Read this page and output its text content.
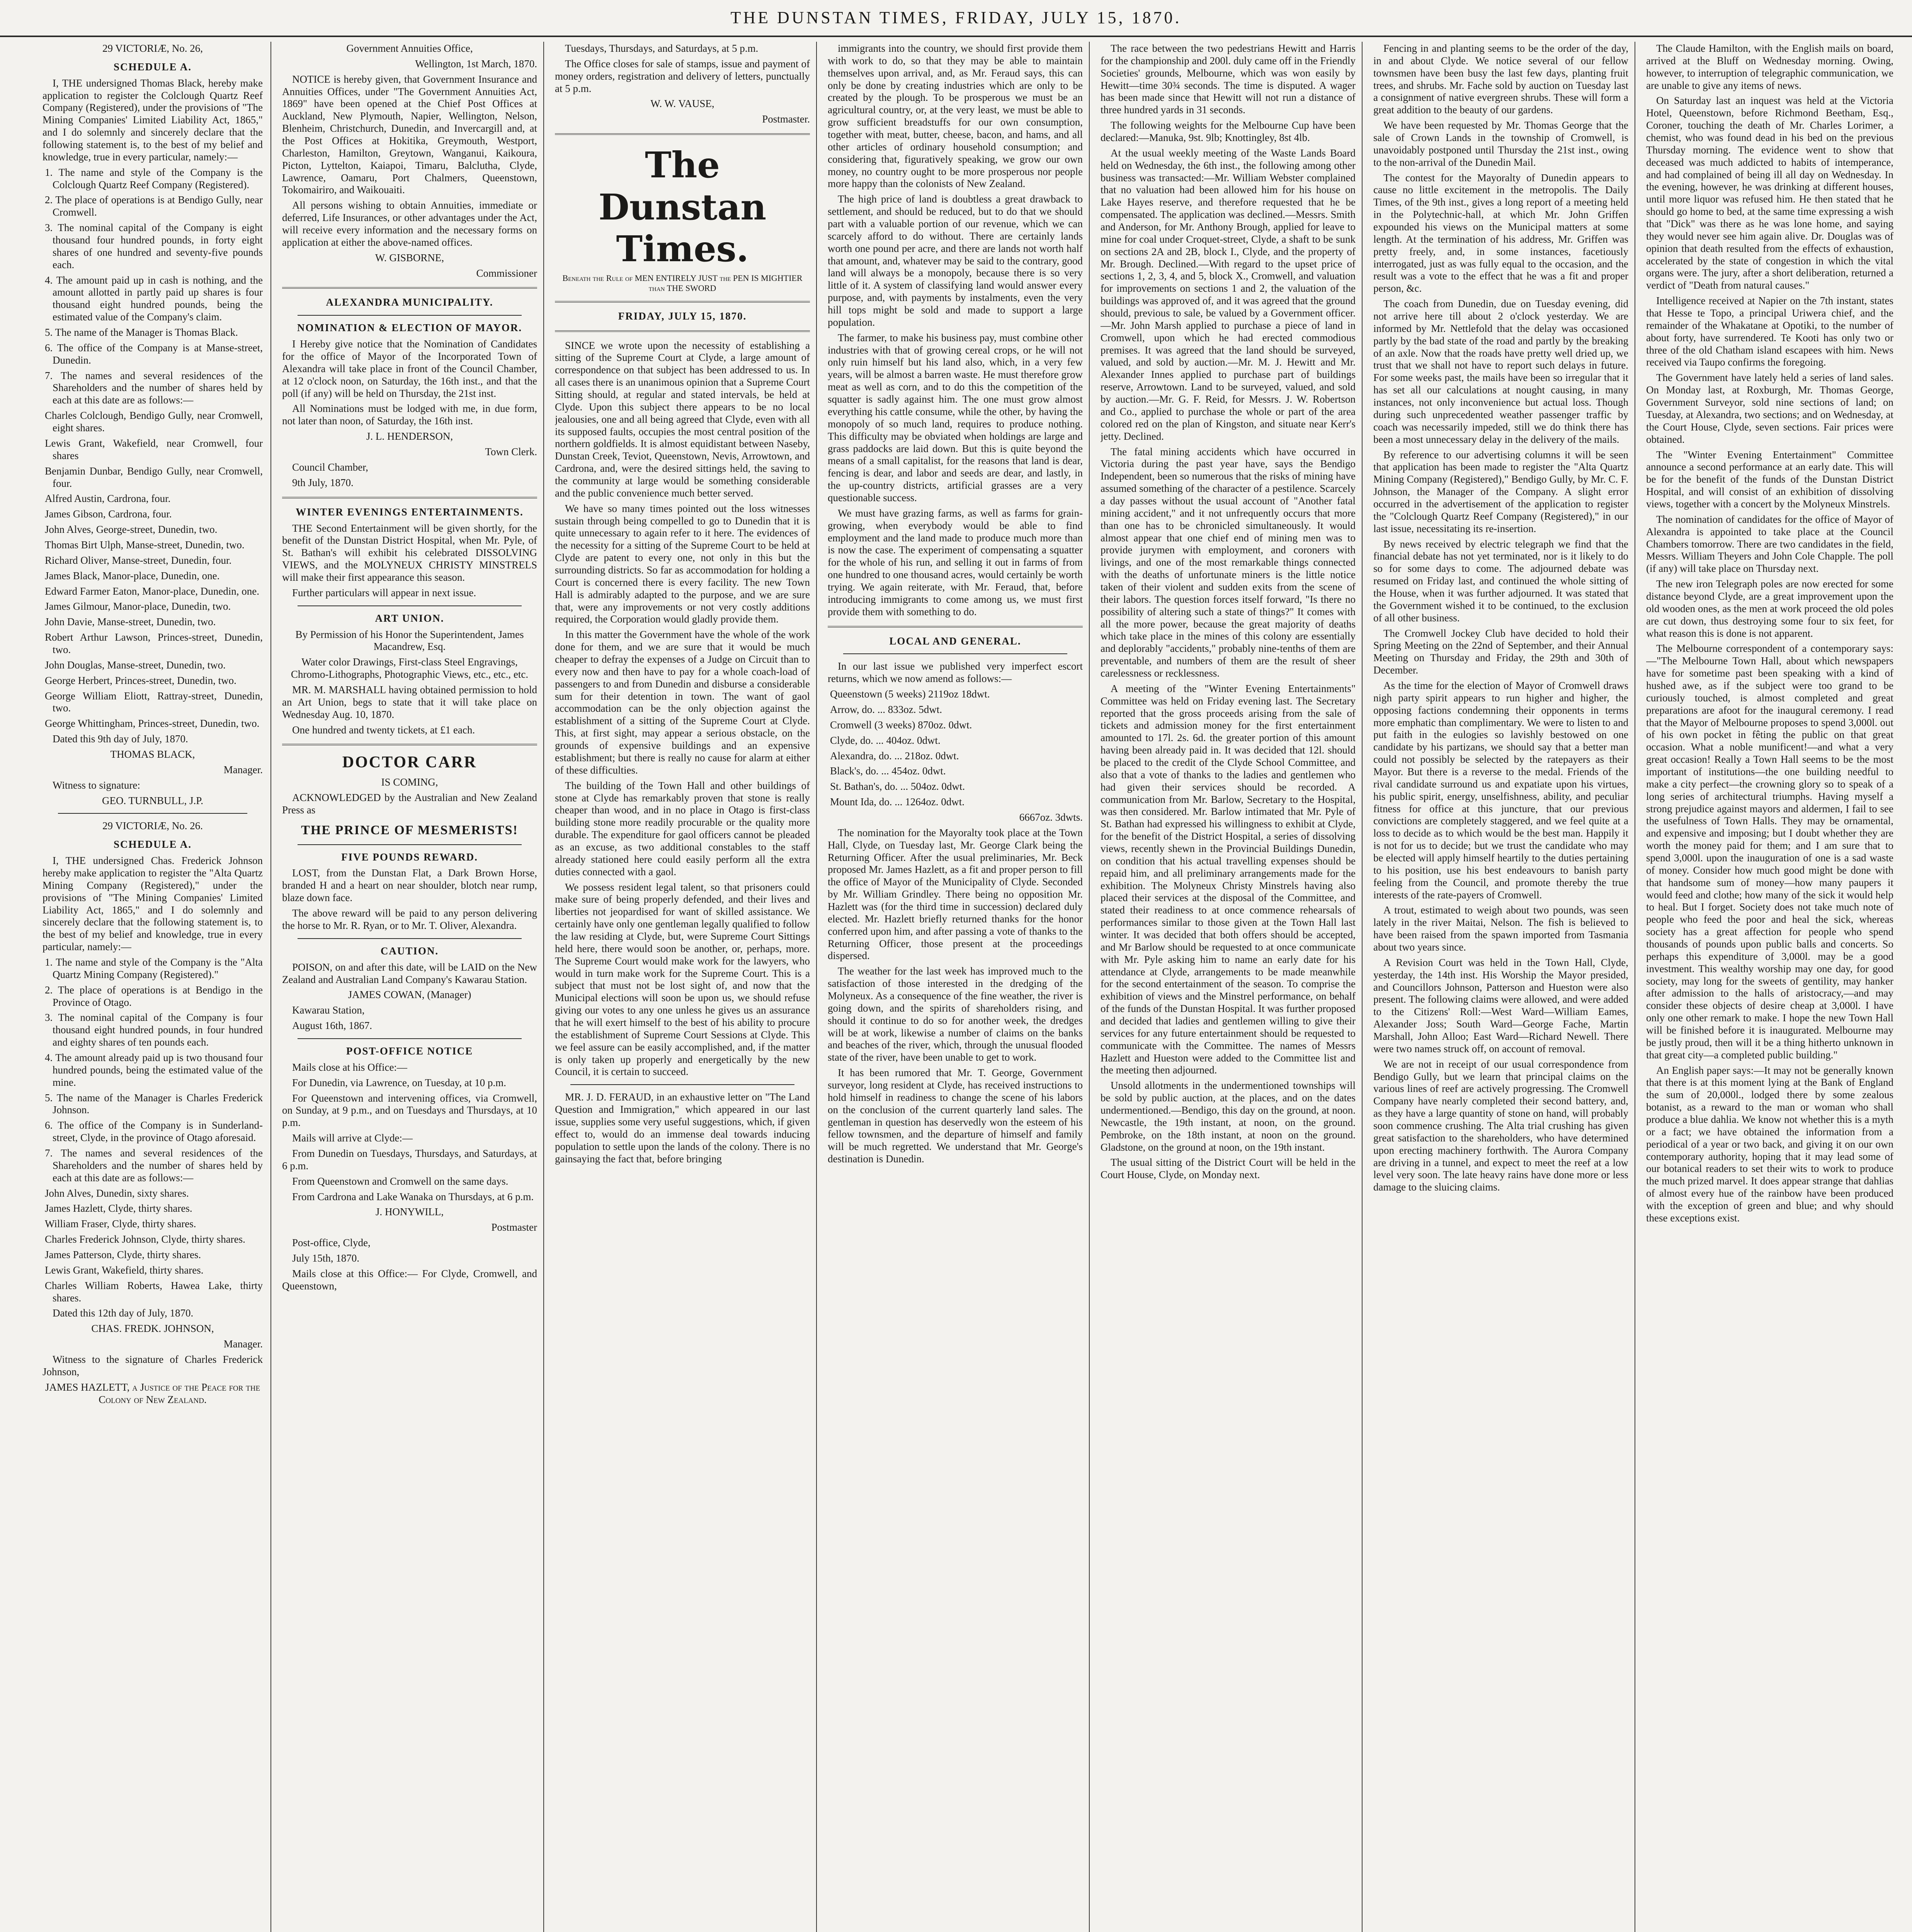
THE DUNSTAN TIMES, FRIDAY, JULY 15, 1870.

29 VICTORIÆ, No. 26,

SCHEDULE A.

I, THE undersigned Thomas Black, hereby make application to register the Colclough Quartz Reef Company (Registered), under the provisions of "The Mining Companies' Limited Liability Act, 1865," and I do solemnly and sincerely declare that the following statement is, to the best of my belief and knowledge, true in every particular, namely:—

1. The name and style of the Company is the Colclough Quartz Reef Company (Registered).

2. The place of operations is at Bendigo Gully, near Cromwell.

3. The nominal capital of the Company is eight thousand four hundred pounds, in forty eight shares of one hundred and seventy-five pounds each.

4. The amount paid up in cash is nothing, and the amount allotted in partly paid up shares is four thousand eight hundred pounds, being the estimated value of the Company's claim.

5. The name of the Manager is Thomas Black.

6. The office of the Company is at Manse-street, Dunedin.

7. The names and several residences of the Shareholders and the number of shares held by each at this date are as follows:—

Charles Colclough, Bendigo Gully, near Cromwell, eight shares.

Lewis Grant, Wakefield, near Cromwell, four shares

Benjamin Dunbar, Bendigo Gully, near Cromwell, four.

Alfred Austin, Cardrona, four.

James Gibson, Cardrona, four.

John Alves, George-street, Dunedin, two.

Thomas Birt Ulph, Manse-street, Dunedin, two.

Richard Oliver, Manse-street, Dunedin, four.

James Black, Manor-place, Dunedin, one.

Edward Farmer Eaton, Manor-place, Dunedin, one.

James Gilmour, Manor-place, Dunedin, two.

John Davie, Manse-street, Dunedin, two.

Robert Arthur Lawson, Princes-street, Dunedin, two.

John Douglas, Manse-street, Dunedin, two.

George Herbert, Princes-street, Dunedin, two.

George William Eliott, Rattray-street, Dunedin, two.

George Whittingham, Princes-street, Dunedin, two.

Dated this 9th day of July, 1870.

THOMAS BLACK,

Manager.

Witness to signature:

GEO. TURNBULL, J.P.

29 VICTORIÆ, No. 26.

SCHEDULE A.

I, THE undersigned Chas. Frederick Johnson hereby make application to register the "Alta Quartz Mining Company (Registered)," under the provisions of "The Mining Companies' Limited Liability Act, 1865," and I do solemnly and sincerely declare that the following statement is, to the best of my belief and knowledge, true in every particular, namely:—

1. The name and style of the Company is the "Alta Quartz Mining Company (Registered)."

2. The place of operations is at Bendigo in the Province of Otago.

3. The nominal capital of the Company is four thousand eight hundred pounds, in four hundred and eighty shares of ten pounds each.

4. The amount already paid up is two thousand four hundred pounds, being the estimated value of the mine.

5. The name of the Manager is Charles Frederick Johnson.

6. The office of the Company is in Sunderland-street, Clyde, in the province of Otago aforesaid.

7. The names and several residences of the Shareholders and the number of shares held by each at this date are as follows:—

John Alves, Dunedin, sixty shares.

James Hazlett, Clyde, thirty shares.

William Fraser, Clyde, thirty shares.

Charles Frederick Johnson, Clyde, thirty shares.

James Patterson, Clyde, thirty shares.

Lewis Grant, Wakefield, thirty shares.

Charles William Roberts, Hawea Lake, thirty shares.

Dated this 12th day of July, 1870.

CHAS. FREDK. JOHNSON,

Manager.

Witness to the signature of Charles Frederick Johnson,

JAMES HAZLETT, a Justice of the Peace for the Colony of New Zealand.

Government Annuities Office,

Wellington, 1st March, 1870.

NOTICE is hereby given, that Government Insurance and Annuities Offices, under "The Government Annuities Act, 1869" have been opened at the Chief Post Offices at Auckland, New Plymouth, Napier, Wellington, Nelson, Blenheim, Christchurch, Dunedin, and Invercargill and, at the Post Offices at Hokitika, Greymouth, Westport, Charleston, Hamilton, Greytown, Wanganui, Kaikoura, Picton, Lyttelton, Kaiapoi, Timaru, Balclutha, Clyde, Lawrence, Oamaru, Port Chalmers, Queenstown, Tokomairiro, and Waikouaiti.

All persons wishing to obtain Annuities, immediate or deferred, Life Insurances, or other advantages under the Act, will receive every information and the necessary forms on application at either the above-named offices.

W. GISBORNE,

Commissioner

ALEXANDRA MUNICIPALITY.

NOMINATION & ELECTION OF MAYOR.

I Hereby give notice that the Nomination of Candidates for the office of Mayor of the Incorporated Town of Alexandra will take place in front of the Council Chamber, at 12 o'clock noon, on Saturday, the 16th inst., and that the poll (if any) will be held on Thursday, the 21st inst.

All Nominations must be lodged with me, in due form, not later than noon, of Saturday, the 16th inst.

J. L. HENDERSON,

Town Clerk.

Council Chamber,

9th July, 1870.

WINTER EVENINGS ENTERTAINMENTS.

THE Second Entertainment will be given shortly, for the benefit of the Dunstan District Hospital, when Mr. Pyle, of St. Bathan's will exhibit his celebrated DISSOLVING VIEWS, and the MOLYNEUX CHRISTY MINSTRELS will make their first appearance this season.

Further particulars will appear in next issue.

ART UNION.

By Permission of his Honor the Superintendent, James Macandrew, Esq.

Water color Drawings, First-class Steel Engravings, Chromo-Lithographs, Photographic Views, etc., etc., etc.

MR. M. MARSHALL having obtained permission to hold an Art Union, begs to state that it will take place on Wednesday Aug. 10, 1870.

One hundred and twenty tickets, at £1 each.

DOCTOR CARR

IS COMING,

ACKNOWLEDGED by the Australian and New Zealand Press as

THE PRINCE OF MESMERISTS!

FIVE POUNDS REWARD.

LOST, from the Dunstan Flat, a Dark Brown Horse, branded H and a heart on near shoulder, blotch near rump, blaze down face.

The above reward will be paid to any person delivering the horse to Mr. R. Ryan, or to Mr. T. Oliver, Alexandra.

CAUTION.

POISON, on and after this date, will be LAID on the New Zealand and Australian Land Company's Kawarau Station.

JAMES COWAN, (Manager)

Kawarau Station,

August 16th, 1867.

POST-OFFICE NOTICE

Mails close at his Office:—

For Dunedin, via Lawrence, on Tuesday, at 10 p.m.

For Queenstown and intervening offices, via Cromwell, on Sunday, at 9 p.m., and on Tuesdays and Thursdays, at 10 p.m.

Mails will arrive at Clyde:—

From Dunedin on Tuesdays, Thursdays, and Saturdays, at 6 p.m.

From Queenstown and Cromwell on the same days.

From Cardrona and Lake Wanaka on Thursdays, at 6 p.m.

J. HONYWILL,

Postmaster

Post-office, Clyde,

July 15th, 1870.

Mails close at this Office:— For Clyde, Cromwell, and Queenstown,

Tuesdays, Thursdays, and Saturdays, at 5 p.m.

The Office closes for sale of stamps, issue and payment of money orders, registration and delivery of letters, punctually at 5 p.m.

W. W. VAUSE,

Postmaster.

The Dunstan Times.

Beneath the Rule of MEN ENTIRELY JUST the PEN IS MIGHTIER than THE SWORD

FRIDAY, JULY 15, 1870.

SINCE we wrote upon the necessity of establishing a sitting of the Supreme Court at Clyde, a large amount of correspondence on that subject has been addressed to us. In all cases there is an unanimous opinion that a Supreme Court Sitting should, at regular and stated intervals, be held at Clyde. Upon this subject there appears to be no local jealousies, one and all being agreed that Clyde, even with all its supposed faults, occupies the most central position of the northern goldfields. It is almost equidistant between Naseby, Dunstan Creek, Teviot, Queenstown, Nevis, Arrowtown, and Cardrona, and, were the desired sittings held, the saving to the community at large would be something considerable and the public convenience much better served.

We have so many times pointed out the loss witnesses sustain through being compelled to go to Dunedin that it is quite unnecessary to again refer to it here. The evidences of the necessity for a sitting of the Supreme Court to be held at Clyde are patent to every one, not only in this but the surrounding districts. So far as accommodation for holding a Court is concerned there is every facility. The new Town Hall is admirably adapted to the purpose, and we are sure that, were any improvements or not very costly additions required, the Corporation would gladly provide them.

In this matter the Government have the whole of the work done for them, and we are sure that it would be much cheaper to defray the expenses of a Judge on Circuit than to every now and then have to pay for a whole coach-load of passengers to and from Dunedin and disburse a considerable sum for their detention in town. The want of gaol accommodation can be the only objection against the establishment of a sitting of the Supreme Court at Clyde. This, at first sight, may appear a serious obstacle, on the grounds of expensive buildings and an expensive establishment; but there is really no cause for alarm at either of these difficulties.

The building of the Town Hall and other buildings of stone at Clyde has remarkably proven that stone is really cheaper than wood, and in no place in Otago is first-class building stone more readily procurable or the quality more durable. The expenditure for gaol officers cannot be pleaded as an excuse, as two additional constables to the staff already stationed here could easily perform all the extra duties connected with a gaol.

We possess resident legal talent, so that prisoners could make sure of being properly defended, and their lives and liberties not jeopardised for want of skilled assistance. We certainly have only one gentleman legally qualified to follow the law residing at Clyde, but, were Supreme Court Sittings held here, there would soon be another, or, perhaps, more. The Supreme Court would make work for the lawyers, who would in turn make work for the Supreme Court. This is a subject that must not be lost sight of, and now that the Municipal elections will soon be upon us, we should refuse giving our votes to any one unless he gives us an assurance that he will exert himself to the best of his ability to procure the establishment of Supreme Court Sessions at Clyde. This we feel assure can be easily accomplished, and, if the matter is only taken up properly and energetically by the new Council, it is certain to succeed.

MR. J. D. FERAUD, in an exhaustive letter on "The Land Question and Immigration," which appeared in our last issue, supplies some very useful suggestions, which, if given effect to, would do an immense deal towards inducing population to settle upon the lands of the colony. There is no gainsaying the fact that, before bringing

immigrants into the country, we should first provide them with work to do, so that they may be able to maintain themselves upon arrival, and, as Mr. Feraud says, this can only be done by creating industries which are only to be created by the plough. To be prosperous we must be an agricultural country, or, at the very least, we must be able to grow sufficient breadstuffs for our own consumption, together with meat, butter, cheese, bacon, and hams, and all other articles of ordinary household consumption; and considering that, figuratively speaking, we grow our own money, no country ought to be more prosperous nor people more happy than the colonists of New Zealand.

The high price of land is doubtless a great drawback to settlement, and should be reduced, but to do that we should part with a valuable portion of our revenue, which we can scarcely afford to do without. There are certainly lands worth one pound per acre, and there are lands not worth half that amount, and, whatever may be said to the contrary, good land will always be a monopoly, because there is so very little of it. A system of classifying land would answer every purpose, and, with payments by instalments, even the very hill tops might be sold and made to support a large population.

The farmer, to make his business pay, must combine other industries with that of growing cereal crops, or he will not only ruin himself but his land also, which, in a very few years, will be almost a barren waste. He must therefore grow meat as well as corn, and to do this the competition of the squatter is sadly against him. The one must grow almost everything his cattle consume, while the other, by having the monopoly of so much land, requires to produce nothing. This difficulty may be obviated when holdings are large and grass paddocks are laid down. But this is quite beyond the means of a small capitalist, for the reasons that land is dear, fencing is dear, and labor and seeds are dear, and lastly, in the up-country districts, artificial grasses are a very questionable success.

We must have grazing farms, as well as farms for grain-growing, when everybody would be able to find employment and the land made to produce much more than is now the case. The experiment of compensating a squatter for the whole of his run, and selling it out in farms of from one hundred to one thousand acres, would certainly be worth trying. We again reiterate, with Mr. Feraud, that, before introducing immigrants to come among us, we must first provide them with something to do.

LOCAL AND GENERAL.

In our last issue we published very imperfect escort returns, which we now amend as follows:—

Queenstown (5 weeks) 2119oz 18dwt.

Arrow, do. ... 833oz. 5dwt.

Cromwell (3 weeks) 870oz. 0dwt.

Clyde, do. ... 404oz. 0dwt.

Alexandra, do. ... 218oz. 0dwt.

Black's, do. ... 454oz. 0dwt.

St. Bathan's, do. ... 504oz. 0dwt.

Mount Ida, do. ... 1264oz. 0dwt.

6667oz. 3dwts.

The nomination for the Mayoralty took place at the Town Hall, Clyde, on Tuesday last, Mr. George Clark being the Returning Officer. After the usual preliminaries, Mr. Beck proposed Mr. James Hazlett, as a fit and proper person to fill the office of Mayor of the Municipality of Clyde. Seconded by Mr. William Grindley. There being no opposition Mr. Hazlett was (for the third time in succession) declared duly elected. Mr. Hazlett briefly returned thanks for the honor conferred upon him, and after passing a vote of thanks to the Returning Officer, those present at the proceedings dispersed.

The weather for the last week has improved much to the satisfaction of those interested in the dredging of the Molyneux. As a consequence of the fine weather, the river is going down, and the spirits of shareholders rising, and should it continue to do so for another week, the dredges will be at work, likewise a number of claims on the banks and beaches of the river, which, through the unusual flooded state of the river, have been unable to get to work.

It has been rumored that Mr. T. George, Government surveyor, long resident at Clyde, has received instructions to hold himself in readiness to change the scene of his labors on the conclusion of the current quarterly land sales. The gentleman in question has deservedly won the esteem of his fellow townsmen, and the departure of himself and family will be much regretted. We understand that Mr. George's destination is Dunedin.

The race between the two pedestrians Hewitt and Harris for the championship and 200l. duly came off in the Friendly Societies' grounds, Melbourne, which was won easily by Hewitt—time 30¾ seconds. The time is disputed. A wager has been made since that Hewitt will not run a distance of three hundred yards in 31 seconds.

The following weights for the Melbourne Cup have been declared:—Manuka, 9st. 9lb; Knottingley, 8st 4lb.

At the usual weekly meeting of the Waste Lands Board held on Wednesday, the 6th inst., the following among other business was transacted:—Mr. William Webster complained that no valuation had been allowed him for his house on Lake Hayes reserve, and therefore requested that he be compensated. The application was declined.—Messrs. Smith and Anderson, for Mr. Anthony Brough, applied for leave to mine for coal under Croquet-street, Clyde, a shaft to be sunk on sections 2A and 2B, block I., Clyde, and the property of Mr. Brough. Declined.—With regard to the upset price of sections 1, 2, 3, 4, and 5, block X., Cromwell, and valuation for improvements on sections 1 and 2, the valuation of the buildings was approved of, and it was agreed that the ground should, previous to sale, be valued by a Government officer.—Mr. John Marsh applied to purchase a piece of land in Cromwell, upon which he had erected commodious premises. It was agreed that the land should be surveyed, valued, and sold by auction.—Mr. M. J. Hewitt and Mr. Alexander Innes applied to purchase part of buildings reserve, Arrowtown. Land to be surveyed, valued, and sold by auction.—Mr. G. F. Reid, for Messrs. J. W. Robertson and Co., applied to purchase the whole or part of the area colored red on the plan of Kingston, and situate near Kerr's jetty. Declined.

The fatal mining accidents which have occurred in Victoria during the past year have, says the Bendigo Independent, been so numerous that the risks of mining have assumed something of the character of a pestilence. Scarcely a day passes without the usual account of "Another fatal mining accident," and it not unfrequently occurs that more than one has to be chronicled simultaneously. It would almost appear that one chief end of mining men was to provide jurymen with employment, and coroners with livings, and one of the most remarkable things connected with the deaths of unfortunate miners is the little notice taken of their violent and sudden exits from the scene of their labors. The question forces itself forward, "Is there no possibility of altering such a state of things?" It comes with all the more power, because the great majority of deaths which take place in the mines of this colony are essentially and deplorably "accidents," probably nine-tenths of them are preventable, and numbers of them are the result of sheer carelessness or recklessness.

A meeting of the "Winter Evening Entertainments" Committee was held on Friday evening last. The Secretary reported that the gross proceeds arising from the sale of tickets and admission money for the first entertainment amounted to 17l. 2s. 6d. the greater portion of this amount having been already paid in. It was decided that 12l. should be placed to the credit of the Clyde School Committee, and also that a vote of thanks to the ladies and gentlemen who had given their services should be recorded. A communication from Mr. Barlow, Secretary to the Hospital, was then considered. Mr. Barlow intimated that Mr. Pyle of St. Bathan had expressed his willingness to exhibit at Clyde, for the benefit of the District Hospital, a series of dissolving views, recently shewn in the Provincial Buildings Dunedin, on condition that his actual travelling expenses should be repaid him, and all preliminary arrangements made for the exhibition. The Molyneux Christy Minstrels having also placed their services at the disposal of the Committee, and stated their readiness to at once commence rehearsals of performances similar to those given at the Town Hall last winter. It was decided that both offers should be accepted, and Mr Barlow should be requested to at once communicate with Mr. Pyle asking him to name an early date for his attendance at Clyde, arrangements to be made meanwhile for the second entertainment of the season. To comprise the exhibition of views and the Minstrel performance, on behalf of the funds of the Dunstan Hospital. It was further proposed and decided that ladies and gentlemen willing to give their services for any future entertainment should be requested to communicate with the Committee. The names of Messrs Hazlett and Hueston were added to the Committee list and the meeting then adjourned.

Unsold allotments in the undermentioned townships will be sold by public auction, at the places, and on the dates undermentioned.—Bendigo, this day on the ground, at noon. Newcastle, the 19th instant, at noon, on the ground. Pembroke, on the 18th instant, at noon on the ground. Gladstone, on the ground at noon, on the 19th instant.

The usual sitting of the District Court will be held in the Court House, Clyde, on Monday next.

Fencing in and planting seems to be the order of the day, in and about Clyde. We notice several of our fellow townsmen have been busy the last few days, planting fruit trees, and shrubs. Mr. Fache sold by auction on Tuesday last a consignment of native evergreen shrubs. These will form a great addition to the beauty of our gardens.

We have been requested by Mr. Thomas George that the sale of Crown Lands in the township of Cromwell, is unavoidably postponed until Thursday the 21st inst., owing to the non-arrival of the Dunedin Mail.

The contest for the Mayoralty of Dunedin appears to cause no little excitement in the metropolis. The Daily Times, of the 9th inst., gives a long report of a meeting held in the Polytechnic-hall, at which Mr. John Griffen expounded his views on the Municipal matters at some length. At the termination of his address, Mr. Griffen was pretty freely, and, in some instances, facetiously interrogated, just as was fully equal to the occasion, and the result was a vote to the effect that he was a fit and proper person, &c.

The coach from Dunedin, due on Tuesday evening, did not arrive here till about 2 o'clock yesterday. We are informed by Mr. Nettlefold that the delay was occasioned partly by the bad state of the road and partly by the breaking of an axle. Now that the roads have pretty well dried up, we trust that we shall not have to report such delays in future. For some weeks past, the mails have been so irregular that it has set all our calculations at nought causing, in many instances, not only inconvenience but actual loss. Though during such unprecedented weather passenger traffic by coach was necessarily impeded, still we do think there has been a most unnecessary delay in the delivery of the mails.

By reference to our advertising columns it will be seen that application has been made to register the "Alta Quartz Mining Company (Registered)," Bendigo Gully, by Mr. C. F. Johnson, the Manager of the Company. A slight error occurred in the advertisement of the application to register the "Colclough Quartz Reef Company (Registered)," in our last issue, necessitating its re-insertion.

By news received by electric telegraph we find that the financial debate has not yet terminated, nor is it likely to do so for some days to come. The adjourned debate was resumed on Friday last, and continued the whole sitting of the House, when it was further adjourned. It was stated that the Government wished it to be continued, to the exclusion of all other business.

The Cromwell Jockey Club have decided to hold their Spring Meeting on the 22nd of September, and their Annual Meeting on Thursday and Friday, the 29th and 30th of December.

As the time for the election of Mayor of Cromwell draws nigh party spirit appears to run higher and higher, the opposing factions condemning their opponents in terms more emphatic than complimentary. We were to listen to and put faith in the eulogies so lavishly bestowed on one candidate by his partizans, we should say that a better man could not possibly be selected by the ratepayers as their Mayor. But there is a reverse to the medal. Friends of the rival candidate surround us and expatiate upon his virtues, his public spirit, energy, unselfishness, ability, and peculiar fitness for office at this juncture, that our previous convictions are completely staggered, and we feel quite at a loss to decide as to which would be the best man. Happily it is not for us to decide; but we trust the candidate who may be elected will apply himself heartily to the duties pertaining to his position, use his best endeavours to banish party feeling from the Council, and promote thereby the true interests of the rate-payers of Cromwell.

A trout, estimated to weigh about two pounds, was seen lately in the river Maitai, Nelson. The fish is believed to have been raised from the spawn imported from Tasmania about two years since.

A Revision Court was held in the Town Hall, Clyde, yesterday, the 14th inst. His Worship the Mayor presided, and Councillors Johnson, Patterson and Hueston were also present. The following claims were allowed, and were added to the Citizens' Roll:—West Ward—William Eames, Alexander Joss; South Ward—George Fache, Martin Marshall, John Alloo; East Ward—Richard Newell. There were two names struck off, on account of removal.

We are not in receipt of our usual correspondence from Bendigo Gully, but we learn that principal claims on the various lines of reef are actively progressing. The Cromwell Company have nearly completed their second battery, and, as they have a large quantity of stone on hand, will probably soon commence crushing. The Alta trial crushing has given great satisfaction to the shareholders, who have determined upon erecting machinery forthwith. The Aurora Company are driving in a tunnel, and expect to meet the reef at a low level very soon. The late heavy rains have done more or less damage to the sluicing claims.

The Claude Hamilton, with the English mails on board, arrived at the Bluff on Wednesday morning. Owing, however, to interruption of telegraphic communication, we are unable to give any items of news.

On Saturday last an inquest was held at the Victoria Hotel, Queenstown, before Richmond Beetham, Esq., Coroner, touching the death of Mr. Charles Lorimer, a chemist, who was found dead in his bed on the previous Thursday morning. The evidence went to show that deceased was much addicted to habits of intemperance, and had complained of being ill all day on Wednesday. In the evening, however, he was drinking at different houses, until more liquor was refused him. He then stated that he should go home to bed, at the same time expressing a wish that "Dick" was there as he was lone home, and saying they would never see him again alive. Dr. Douglas was of opinion that death resulted from the effects of exhaustion, accelerated by the state of congestion in which the vital organs were. The jury, after a short deliberation, returned a verdict of "Death from natural causes."

Intelligence received at Napier on the 7th instant, states that Hesse te Topo, a principal Uriwera chief, and the remainder of the Whakatane at Opotiki, to the number of about forty, have surrendered. Te Kooti has only two or three of the old Chatham island escapees with him. News received via Taupo confirms the foregoing.

The Government have lately held a series of land sales. On Monday last, at Roxburgh, Mr. Thomas George, Government Surveyor, sold nine sections of land; on Tuesday, at Alexandra, two sections; and on Wednesday, at the Court House, Clyde, seven sections. Fair prices were obtained.

The "Winter Evening Entertainment" Committee announce a second performance at an early date. This will be for the benefit of the funds of the Dunstan District Hospital, and will consist of an exhibition of dissolving views, together with a concert by the Molyneux Minstrels.

The nomination of candidates for the office of Mayor of Alexandra is appointed to take place at the Council Chambers tomorrow. There are two candidates in the field, Messrs. William Theyers and John Cole Chapple. The poll (if any) will take place on Thursday next.

The new iron Telegraph poles are now erected for some distance beyond Clyde, are a great improvement upon the old wooden ones, as the men at work proceed the old poles are cut down, thus destroying some four to six feet, for what reason this is done is not apparent.

The Melbourne correspondent of a contemporary says:—"The Melbourne Town Hall, about which newspapers have for sometime past been speaking with a kind of hushed awe, as if the subject were too grand to be curiously touched, is almost completed and great preparations are afoot for the inaugural ceremony. I read that the Mayor of Melbourne proposes to spend 3,000l. out of his own pocket in fêting the public on that great occasion. What a noble munificent!—and what a very great occasion! Really a Town Hall seems to be the most important of institutions—the one building needful to make a city perfect—the crowning glory so to speak of a long series of architectural triumphs. Having myself a strong prejudice against mayors and aldermen, I fail to see the usefulness of Town Halls. They may be ornamental, and expensive and imposing; but I doubt whether they are worth the money paid for them; and I am sure that to spend 3,000l. upon the inauguration of one is a sad waste of money. Consider how much good might be done with that handsome sum of money—how many paupers it would feed and clothe; how many of the sick it would help to heal. But I forget. Society does not take much note of people who feed the poor and heal the sick, whereas society has a great affection for people who spend thousands of pounds upon public balls and concerts. So perhaps this expenditure of 3,000l. may be a good investment. This wealthy worship may one day, for good society, may long for the sweets of gentility, may hanker after admission to the halls of aristocracy,—and may consider these objects of desire cheap at 3,000l. I have only one other remark to make. I hope the new Town Hall will be finished before it is inaugurated. Melbourne may be justly proud, then will it be a thing hitherto unknown in that great city—a completed public building."

An English paper says:—It may not be generally known that there is at this moment lying at the Bank of England the sum of 20,000l., lodged there by some zealous botanist, as a reward to the man or woman who shall produce a blue dahlia. We know not whether this is a myth or a fact; we have obtained the information from a periodical of a year or two back, and giving it on our own contemporary authority, hoping that it may lead some of our botanical readers to set their wits to work to produce the much prized marvel. It does appear strange that dahlias of almost every hue of the rainbow have been produced with the exception of green and blue; and why should these exceptions exist.
